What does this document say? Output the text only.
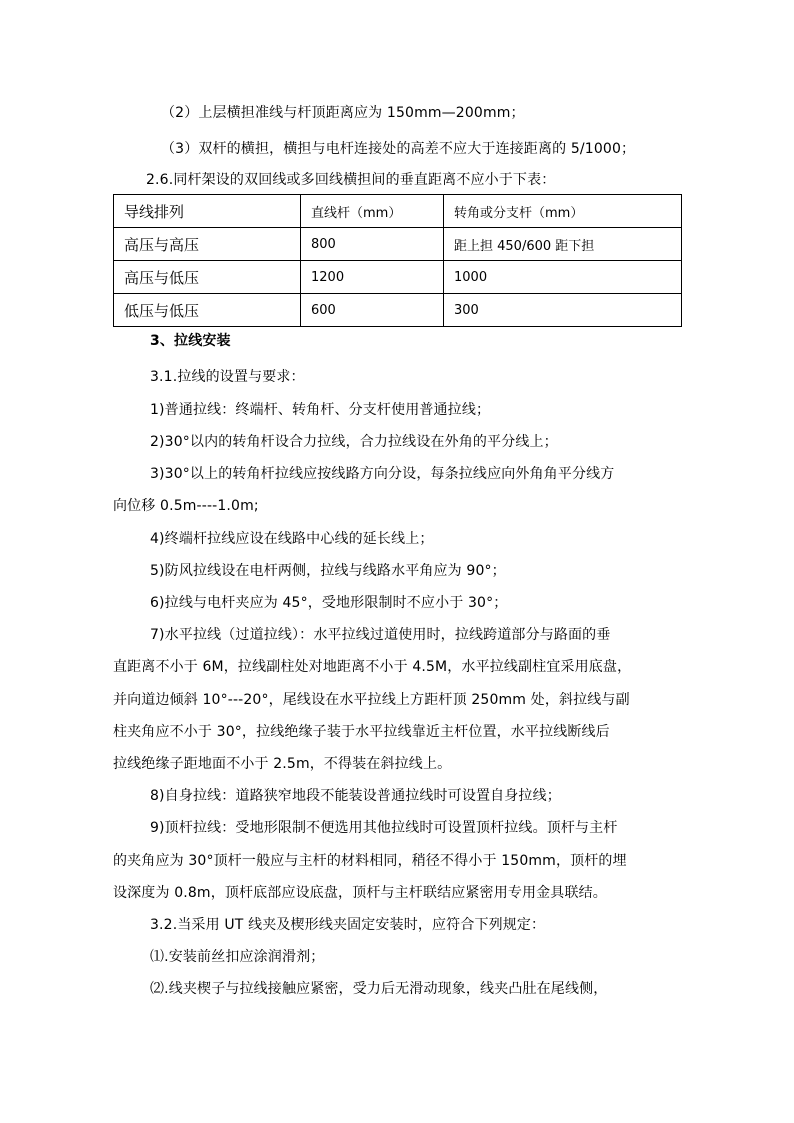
（2）上层横担准线与杆顶距离应为 150mm—200mm；
（3）双杆的横担，横担与电杆连接处的高差不应大于连接距离的 5/1000；
2.6.同杆架设的双回线或多回线横担间的垂直距离不应小于下表：
导线排列	直线杆（mm）	转角或分支杆（mm）
高压与高压	800	距上担 450/600 距下担
高压与低压	1200	1000
低压与低压	600	300
3、拉线安装
3.1.拉线的设置与要求：
1)普通拉线：终端杆、转角杆、分支杆使用普通拉线；
2)30°以内的转角杆设合力拉线，合力拉线设在外角的平分线上；
3)30°以上的转角杆拉线应按线路方向分设，每条拉线应向外角角平分线方
向位移 0.5m----1.0m;
4)终端杆拉线应设在线路中心线的延长线上；
5)防风拉线设在电杆两侧，拉线与线路水平角应为 90°；
6)拉线与电杆夹应为 45°，受地形限制时不应小于 30°；
7)水平拉线（过道拉线）：水平拉线过道使用时，拉线跨道部分与路面的垂
直距离不小于 6M，拉线副柱处对地距离不小于 4.5M，水平拉线副柱宜采用底盘，
并向道边倾斜 10°---20°，尾线设在水平拉线上方距杆顶 250mm 处，斜拉线与副
柱夹角应不小于 30°，拉线绝缘子装于水平拉线靠近主杆位置，水平拉线断线后
拉线绝缘子距地面不小于 2.5m，不得装在斜拉线上。
8)自身拉线：道路狭窄地段不能装设普通拉线时可设置自身拉线；
9)顶杆拉线：受地形限制不便选用其他拉线时可设置顶杆拉线。顶杆与主杆
的夹角应为 30°顶杆一般应与主杆的材料相同，稍径不得小于 150mm，顶杆的埋
设深度为 0.8m，顶杆底部应设底盘，顶杆与主杆联结应紧密用专用金具联结。
3.2.当采用 UT 线夹及楔形线夹固定安装时，应符合下列规定：
⑴.安装前丝扣应涂润滑剂；
⑵.线夹楔子与拉线接触应紧密，受力后无滑动现象，线夹凸肚在尾线侧，
